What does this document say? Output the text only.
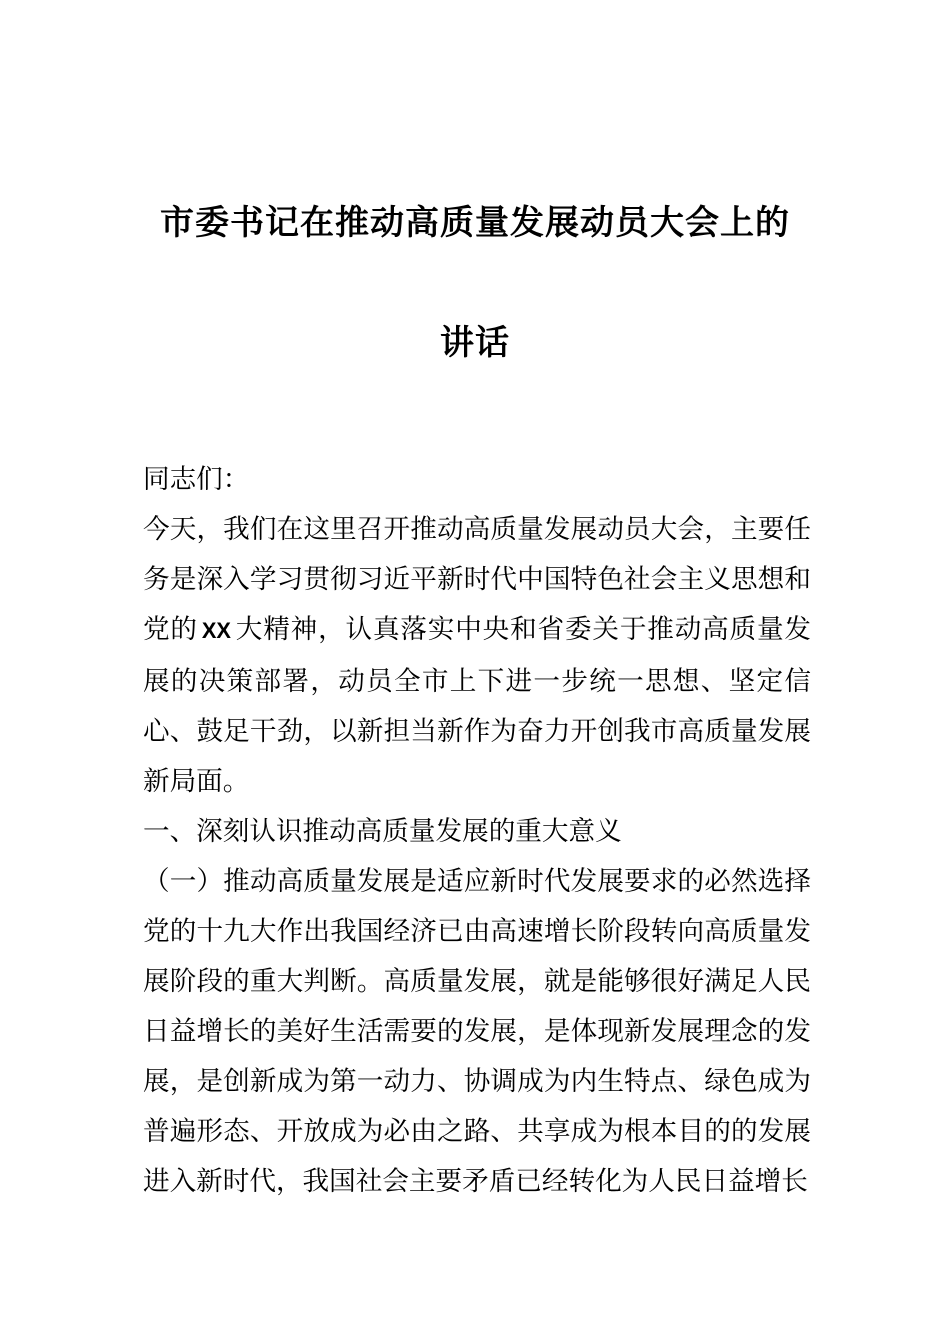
市委书记在推动高质量发展动员大会上的讲话

同志们：

今天，我们在这里召开推动高质量发展动员大会，主要任务是深入学习贯彻习近平新时代中国特色社会主义思想和党的 XX 大精神，认真落实中央和省委关于推动高质量发展的决策部署，动员全市上下进一步统一思想、坚定信心、鼓足干劲，以新担当新作为奋力开创我市高质量发展新局面。

一、深刻认识推动高质量发展的重大意义

（一）推动高质量发展是适应新时代发展要求的必然选择党的十九大作出我国经济已由高速增长阶段转向高质量发展阶段的重大判断。高质量发展，就是能够很好满足人民日益增长的美好生活需要的发展，是体现新发展理念的发展，是创新成为第一动力、协调成为内生特点、绿色成为普遍形态、开放成为必由之路、共享成为根本目的的发展进入新时代，我国社会主要矛盾已经转化为人民日益增长
